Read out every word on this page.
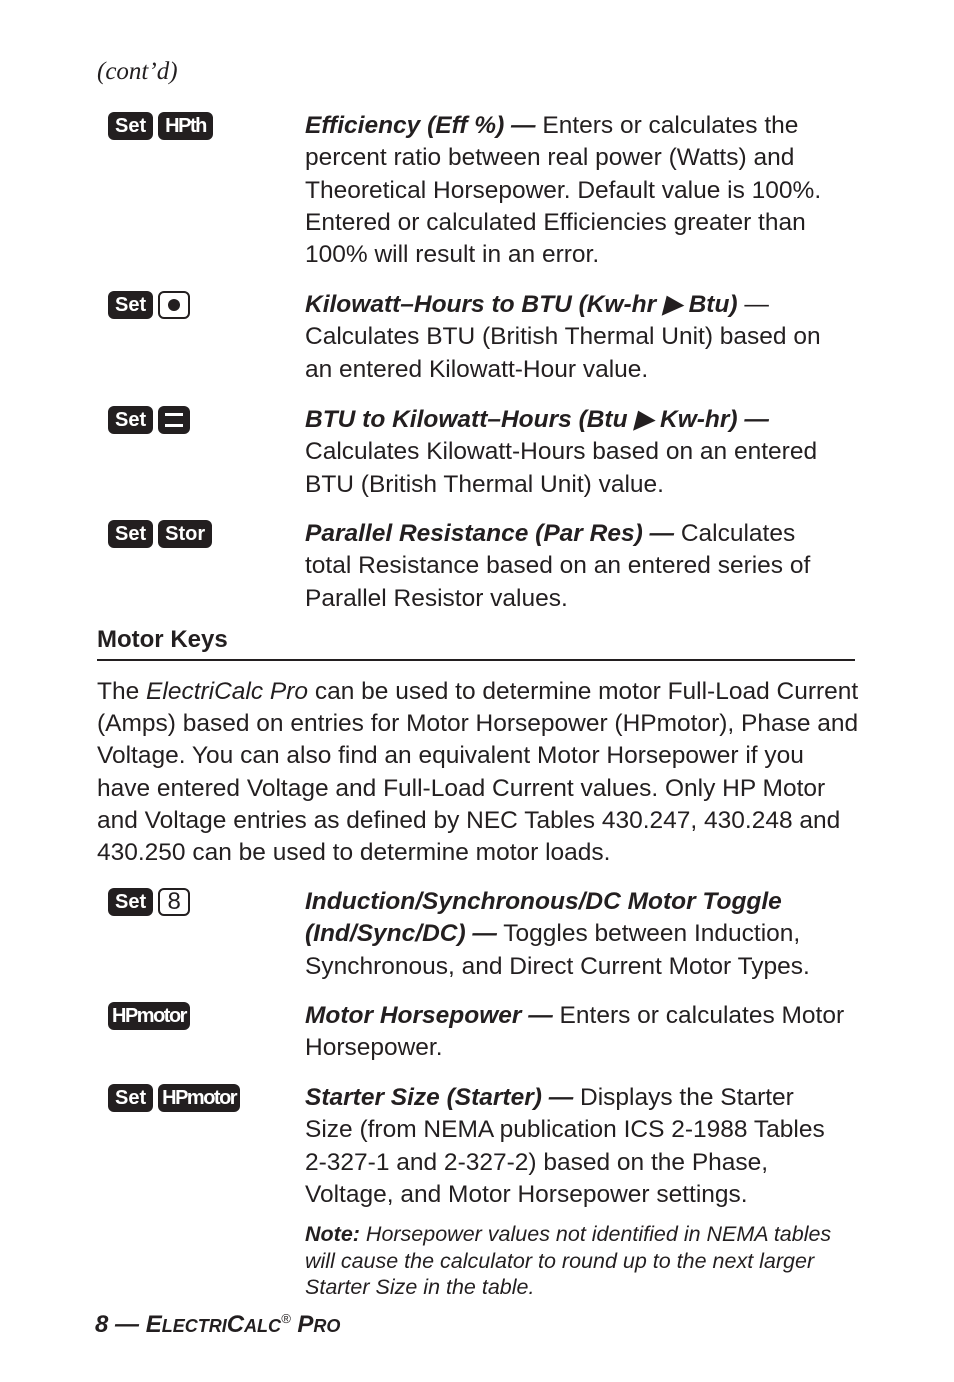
(cont’d)
Set HPth	Efficiency (Eff %) — Enters or calculates the percent ratio between real power (Watts) and Theoretical Horsepower. Default value is 100%. Entered or calculated Efficiencies greater than 100% will result in an error.
Set	Kilowatt–Hours to BTU (Kw-hr ▶ Btu) — Calculates BTU (British Thermal Unit) based on an entered Kilowatt-Hour value.
Set	BTU to Kilowatt–Hours (Btu ▶ Kw-hr) — Calculates Kilowatt-Hours based on an entered BTU (British Thermal Unit) value.
Set Stor	Parallel Resistance (Par Res) — Calculates total Resistance based on an entered series of Parallel Resistor values.
Motor Keys
The ElectriCalc Pro can be used to determine motor Full-Load Current (Amps) based on entries for Motor Horsepower (HPmotor), Phase and Voltage. You can also find an equivalent Motor Horsepower if you have entered Voltage and Full-Load Current values. Only HP Motor and Voltage entries as defined by NEC Tables 430.247, 430.248 and 430.250 can be used to determine motor loads.
Set 8	Induction/Synchronous/DC Motor Toggle (Ind/Sync/DC) — Toggles between Induction, Synchronous, and Direct Current Motor Types.
HPmotor	Motor Horsepower — Enters or calculates Motor Horsepower.
Set HPmotor	Starter Size (Starter) — Displays the Starter Size (from NEMA publication ICS 2-1988 Tables 2-327-1 and 2-327-2) based on the Phase, Voltage, and Motor Horsepower settings.
Note: Horsepower values not identified in NEMA tables will cause the calculator to round up to the next larger Starter Size in the table.
8 — ELECTRICALC® PRO
